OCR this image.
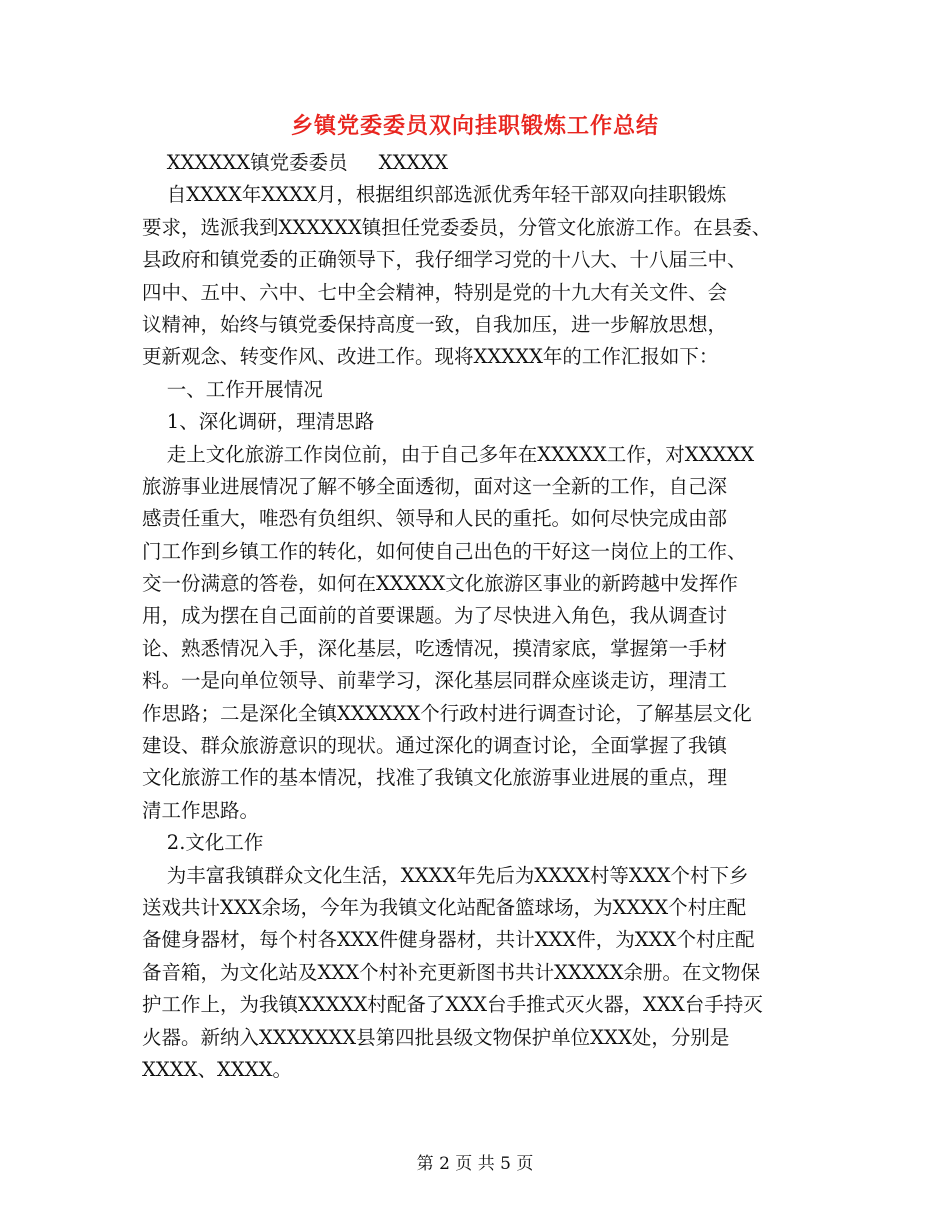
乡镇党委委员双向挂职锻炼工作总结
XXXXXX镇党委委员     XXXXX
自XXXX年XXXX月，根据组织部选派优秀年轻干部双向挂职锻炼
要求，选派我到XXXXXX镇担任党委委员，分管文化旅游工作。在县委、
县政府和镇党委的正确领导下，我仔细学习党的十八大、十八届三中、
四中、五中、六中、七中全会精神，特别是党的十九大有关文件、会
议精神，始终与镇党委保持高度一致，自我加压，进一步解放思想，
更新观念、转变作风、改进工作。现将XXXXX年的工作汇报如下：
一、工作开展情况
1、深化调研，理清思路
走上文化旅游工作岗位前，由于自己多年在XXXXX工作，对XXXXX
旅游事业进展情况了解不够全面透彻，面对这一全新的工作，自己深
感责任重大，唯恐有负组织、领导和人民的重托。如何尽快完成由部
门工作到乡镇工作的转化，如何使自己出色的干好这一岗位上的工作、
交一份满意的答卷，如何在XXXXX文化旅游区事业的新跨越中发挥作
用，成为摆在自己面前的首要课题。为了尽快进入角色，我从调查讨
论、熟悉情况入手，深化基层，吃透情况，摸清家底，掌握第一手材
料。一是向单位领导、前辈学习，深化基层同群众座谈走访，理清工
作思路；二是深化全镇XXXXXX个行政村进行调查讨论，了解基层文化
建设、群众旅游意识的现状。通过深化的调查讨论，全面掌握了我镇
文化旅游工作的基本情况，找准了我镇文化旅游事业进展的重点，理
清工作思路。
2.文化工作
为丰富我镇群众文化生活，XXXX年先后为XXXX村等XXX个村下乡
送戏共计XXX余场，今年为我镇文化站配备篮球场，为XXXX个村庄配
备健身器材，每个村各XXX件健身器材，共计XXX件，为XXX个村庄配
备音箱，为文化站及XXX个村补充更新图书共计XXXXX余册。在文物保
护工作上，为我镇XXXXX村配备了XXX台手推式灭火器，XXX台手持灭
火器。新纳入XXXXXXX县第四批县级文物保护单位XXX处，分别是
XXXX、XXXX。
第 2 页 共 5 页
